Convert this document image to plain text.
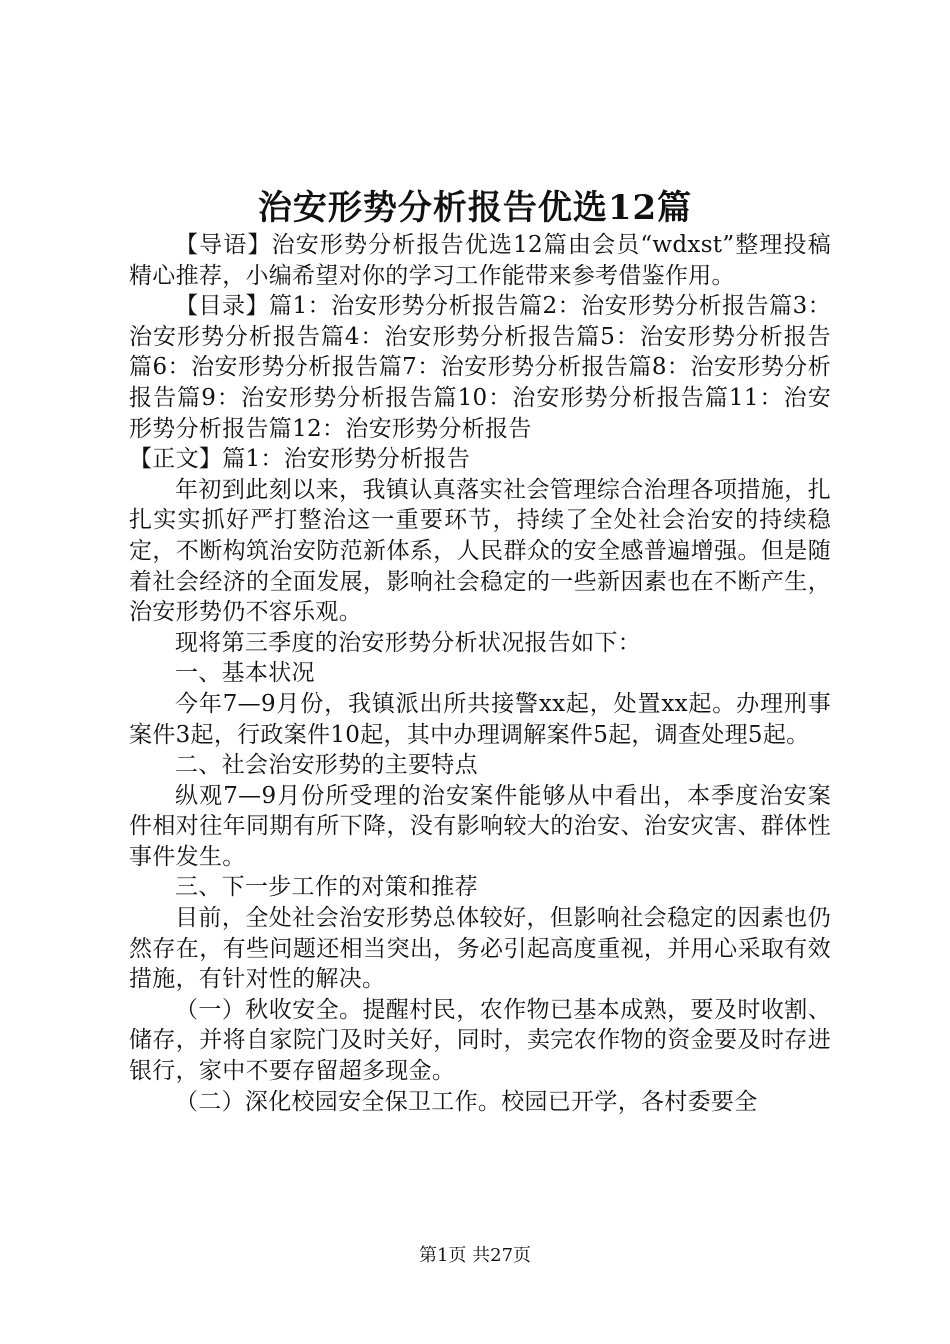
治安形势分析报告优选12篇

【导语】治安形势分析报告优选12篇由会员“wdxst”整理投稿精心推荐，小编希望对你的学习工作能带来参考借鉴作用。

【目录】篇1：治安形势分析报告篇2：治安形势分析报告篇3：治安形势分析报告篇4：治安形势分析报告篇5：治安形势分析报告篇6：治安形势分析报告篇7：治安形势分析报告篇8：治安形势分析报告篇9：治安形势分析报告篇10：治安形势分析报告篇11：治安形势分析报告篇12：治安形势分析报告

【正文】篇1：治安形势分析报告

年初到此刻以来，我镇认真落实社会管理综合治理各项措施，扎扎实实抓好严打整治这一重要环节，持续了全处社会治安的持续稳定，不断构筑治安防范新体系，人民群众的安全感普遍增强。但是随着社会经济的全面发展，影响社会稳定的一些新因素也在不断产生，治安形势仍不容乐观。

现将第三季度的治安形势分析状况报告如下：

一、基本状况

今年7—9月份，我镇派出所共接警xx起，处置xx起。办理刑事案件3起，行政案件10起，其中办理调解案件5起，调查处理5起。

二、社会治安形势的主要特点

纵观7—9月份所受理的治安案件能够从中看出，本季度治安案件相对往年同期有所下降，没有影响较大的治安、治安灾害、群体性事件发生。

三、下一步工作的对策和推荐

目前，全处社会治安形势总体较好，但影响社会稳定的因素也仍然存在，有些问题还相当突出，务必引起高度重视，并用心采取有效措施，有针对性的解决。

（一）秋收安全。提醒村民，农作物已基本成熟，要及时收割、储存，并将自家院门及时关好，同时，卖完农作物的资金要及时存进银行，家中不要存留超多现金。

（二）深化校园安全保卫工作。校园已开学，各村委要全

第1页 共27页
